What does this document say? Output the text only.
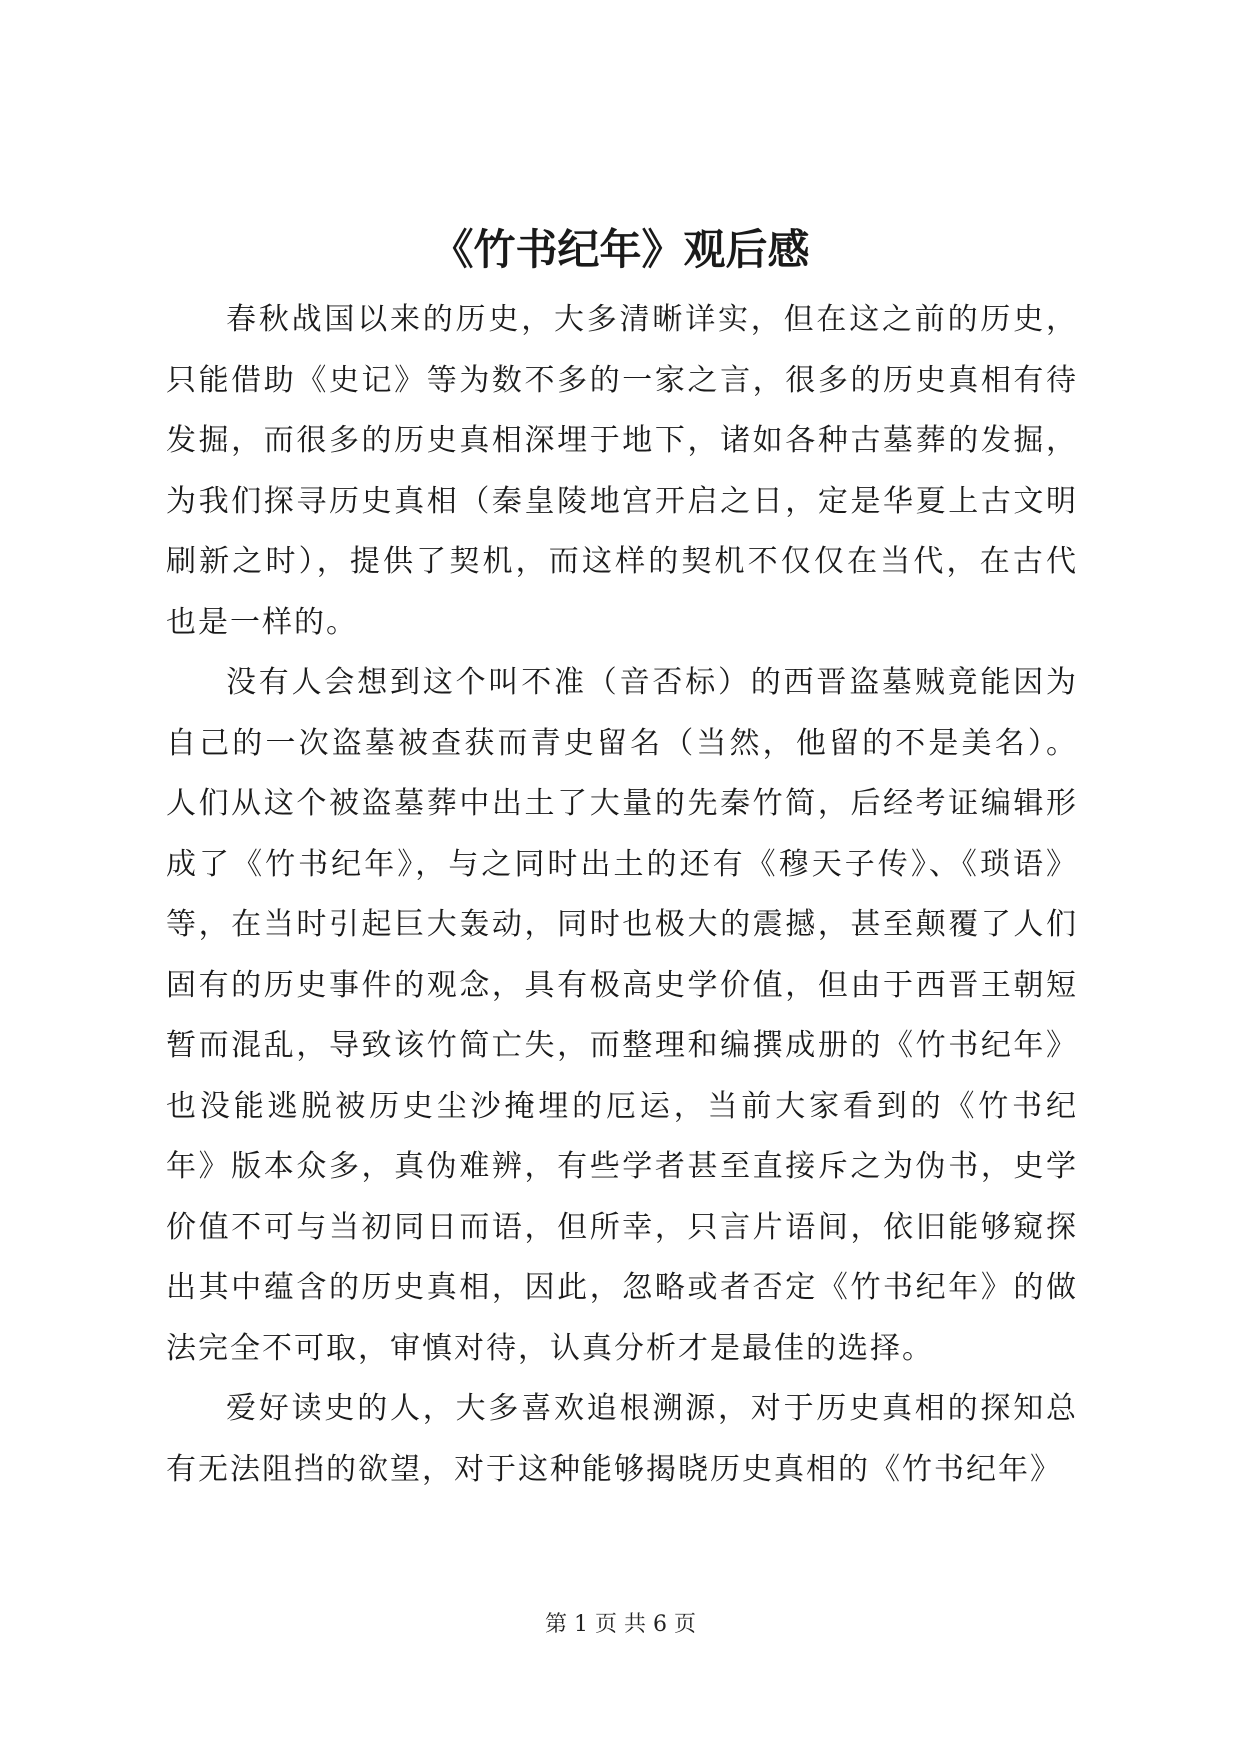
《竹书纪年》观后感

春秋战国以来的历史，大多清晰详实，但在这之前的历史，只能借助《史记》等为数不多的一家之言，很多的历史真相有待发掘，而很多的历史真相深埋于地下，诸如各种古墓葬的发掘，为我们探寻历史真相（秦皇陵地宫开启之日，定是华夏上古文明刷新之时），提供了契机，而这样的契机不仅仅在当代，在古代也是一样的。

没有人会想到这个叫不准（音否标）的西晋盗墓贼竟能因为自己的一次盗墓被查获而青史留名（当然，他留的不是美名）。人们从这个被盗墓葬中出土了大量的先秦竹简，后经考证编辑形成了《竹书纪年》，与之同时出土的还有《穆天子传》、《琐语》等，在当时引起巨大轰动，同时也极大的震撼，甚至颠覆了人们固有的历史事件的观念，具有极高史学价值，但由于西晋王朝短暂而混乱，导致该竹简亡失，而整理和编撰成册的《竹书纪年》也没能逃脱被历史尘沙掩埋的厄运，当前大家看到的《竹书纪年》版本众多，真伪难辨，有些学者甚至直接斥之为伪书，史学价值不可与当初同日而语，但所幸，只言片语间，依旧能够窥探出其中蕴含的历史真相，因此，忽略或者否定《竹书纪年》的做法完全不可取，审慎对待，认真分析才是最佳的选择。

爱好读史的人，大多喜欢追根溯源，对于历史真相的探知总有无法阻挡的欲望，对于这种能够揭晓历史真相的《竹书纪年》

第 1 页 共 6 页
